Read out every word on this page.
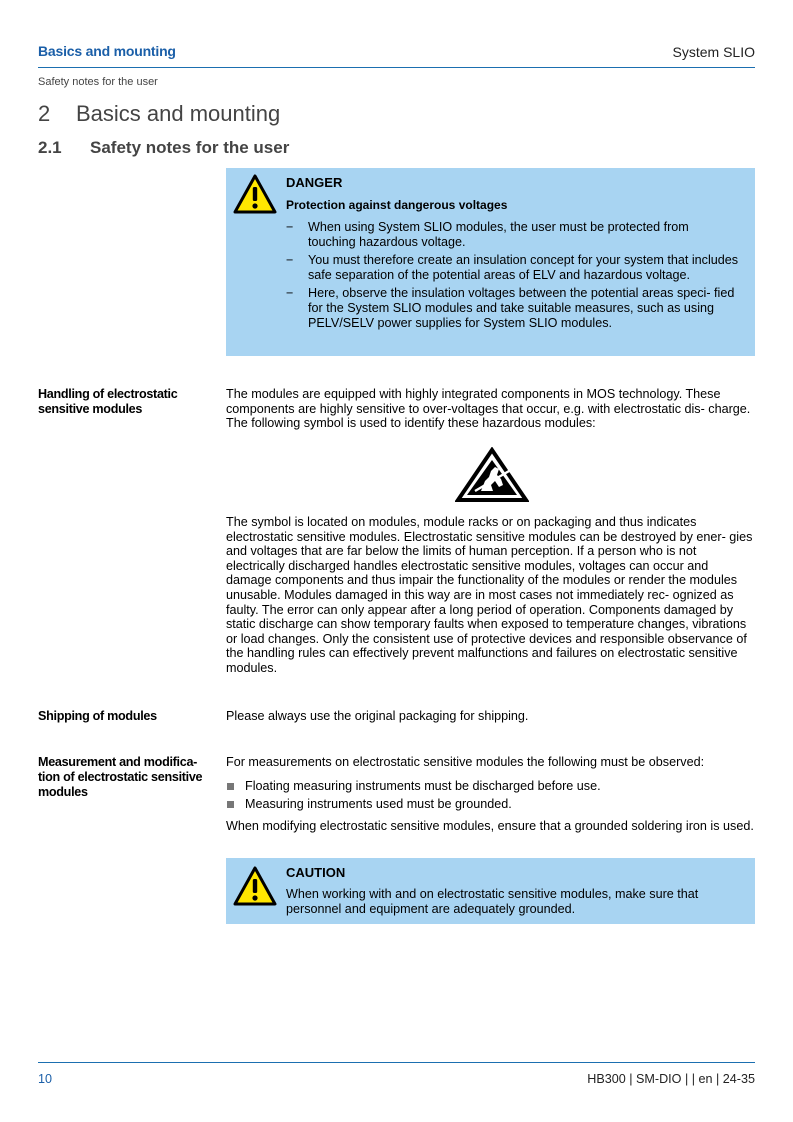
Basics and mounting	System SLIO
Safety notes for the user
2 Basics and mounting
2.1 Safety notes for the user
DANGER
Protection against dangerous voltages
− When using System SLIO modules, the user must be protected from touching hazardous voltage.
− You must therefore create an insulation concept for your system that includes safe separation of the potential areas of ELV and hazardous voltage.
− Here, observe the insulation voltages between the potential areas speci‐ fied for the System SLIO modules and take suitable measures, such as using PELV/SELV power supplies for System SLIO modules.
Handling of electrostatic sensitive modules
The modules are equipped with highly integrated components in MOS technology. These components are highly sensitive to over-voltages that occur, e.g. with electrostatic dis‐ charge. The following symbol is used to identify these hazardous modules:
The symbol is located on modules, module racks or on packaging and thus indicates electrostatic sensitive modules. Electrostatic sensitive modules can be destroyed by ener‐ gies and voltages that are far below the limits of human perception. If a person who is not electrically discharged handles electrostatic sensitive modules, voltages can occur and damage components and thus impair the functionality of the modules or render the modules unusable. Modules damaged in this way are in most cases not immediately rec‐ ognized as faulty. The error can only appear after a long period of operation. Components damaged by static discharge can show temporary faults when exposed to temperature changes, vibrations or load changes. Only the consistent use of protective devices and responsible observance of the handling rules can effectively prevent malfunctions and failures on electrostatic sensitive modules.
Shipping of modules	Please always use the original packaging for shipping.
Measurement and modifica‐ tion of electrostatic sensitive modules
For measurements on electrostatic sensitive modules the following must be observed:
Floating measuring instruments must be discharged before use.
Measuring instruments used must be grounded.
When modifying electrostatic sensitive modules, ensure that a grounded soldering iron is used.
CAUTION
When working with and on electrostatic sensitive modules, make sure that personnel and equipment are adequately grounded.
10	HB300 | SM-DIO | | en | 24-35
